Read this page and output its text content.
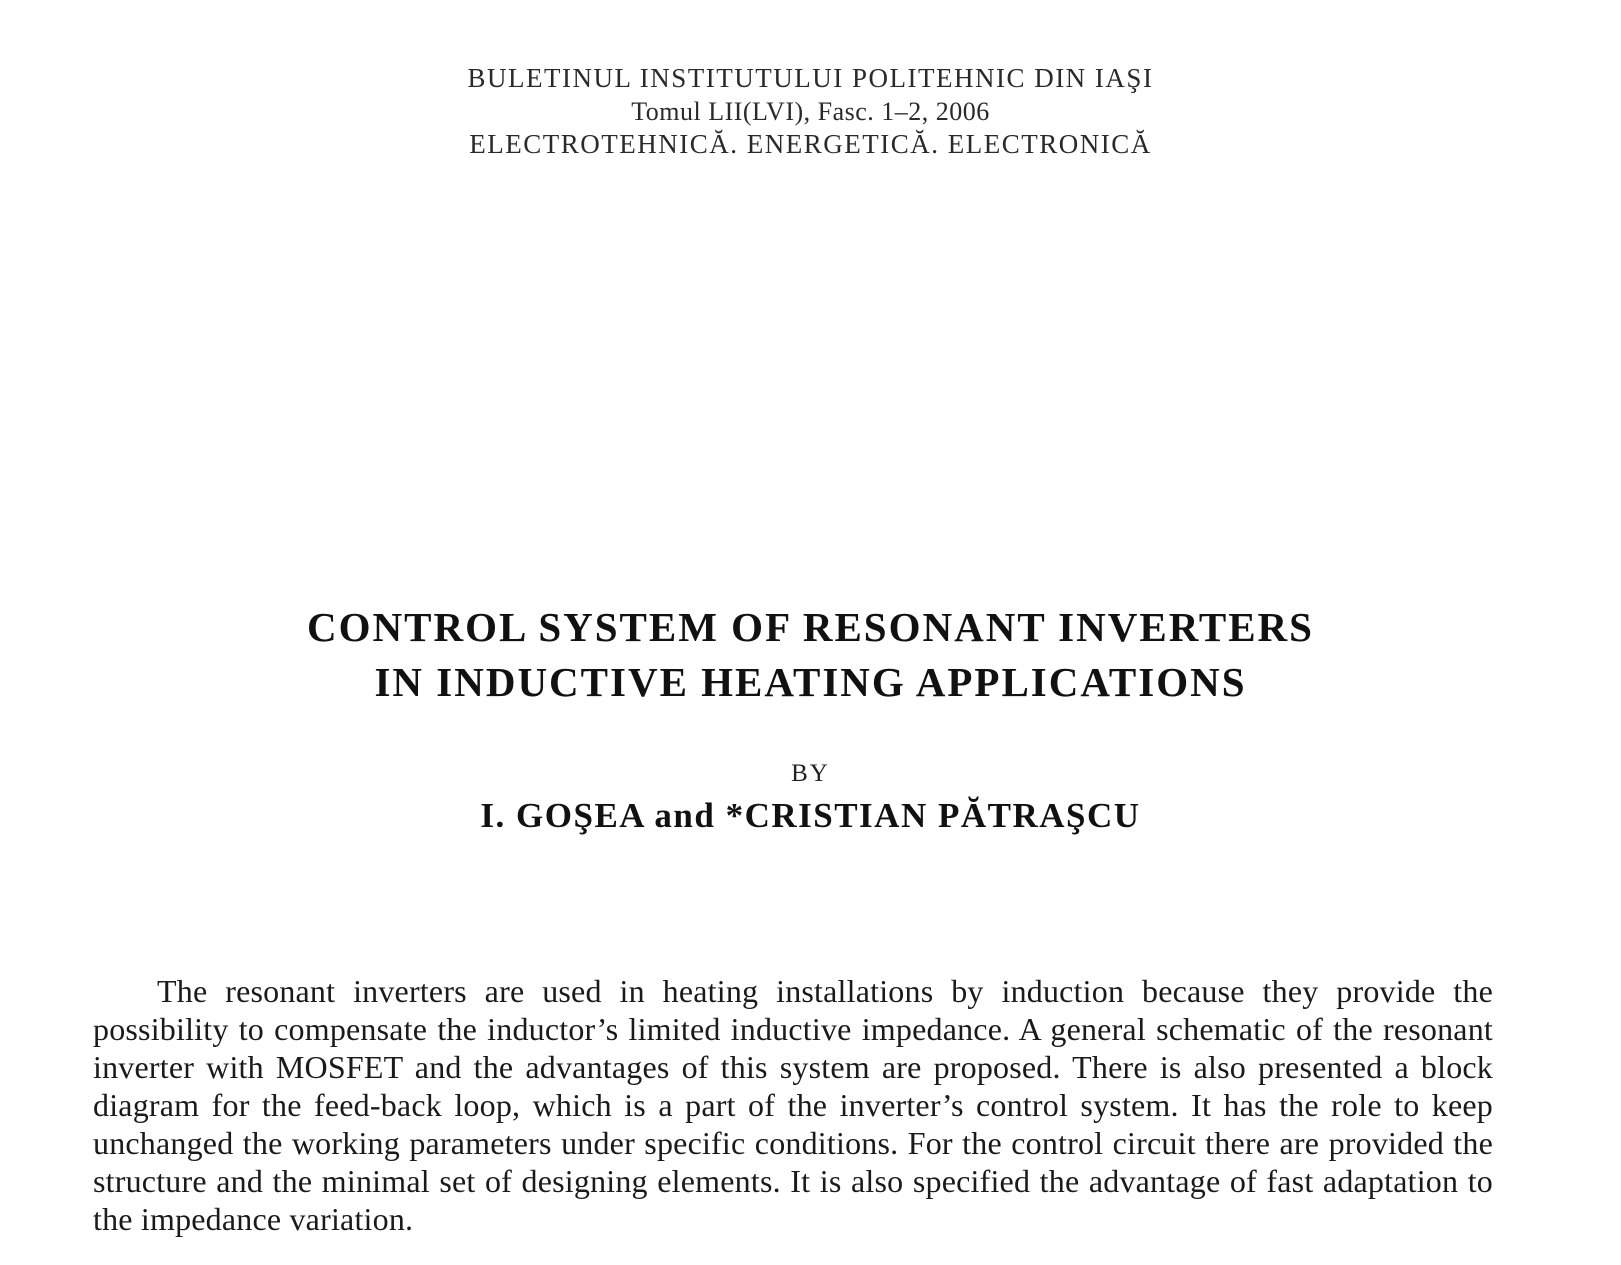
BULETINUL INSTITUTULUI POLITEHNIC DIN IAŞI
Tomul LII(LVI), Fasc. 1–2, 2006
ELECTROTEHNICĂ. ENERGETICĂ. ELECTRONICĂ
CONTROL SYSTEM OF RESONANT INVERTERS
IN INDUCTIVE HEATING APPLICATIONS
BY
I. GOŞEA and *CRISTIAN PĂTRAŞCU

The resonant inverters are used in heating installations by induction because they provide the possibility to compensate the inductor’s limited inductive impedance. A general schematic of the resonant inverter with MOSFET and the advantages of this system are proposed. There is also presented a block diagram for the feed-back loop, which is a part of the inverter’s control system. It has the role to keep unchanged the working parameters under specific conditions. For the control circuit there are provided the structure and the minimal set of designing elements. It is also specified the advantage of fast adaptation to the impedance variation.
